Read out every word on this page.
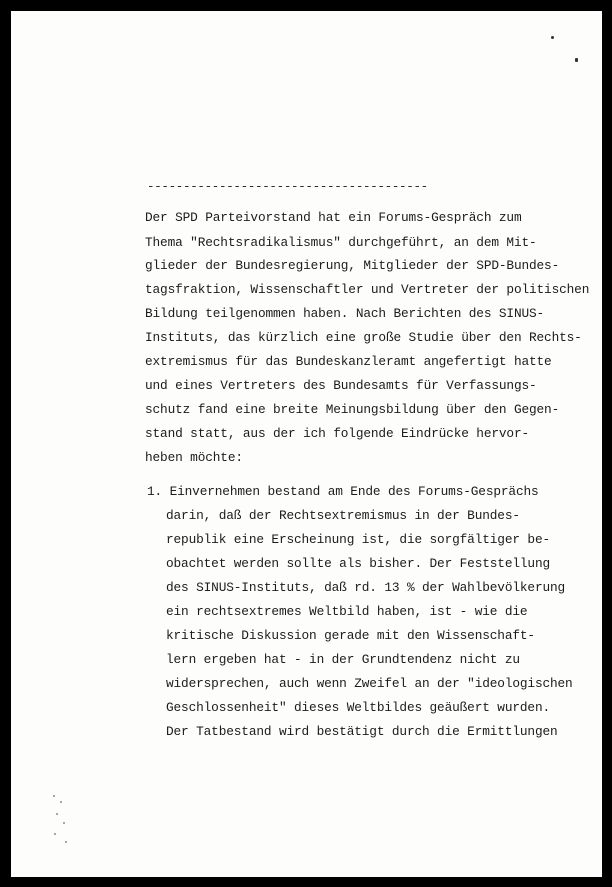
---------------------------------------
Der SPD Parteivorstand hat ein Forums-Gespräch zum
Thema "Rechtsradikalismus" durchgeführt, an dem Mit-
glieder der Bundesregierung, Mitglieder der SPD-Bundes-
tagsfraktion, Wissenschaftler und Vertreter der politischen
Bildung teilgenommen haben. Nach Berichten des SINUS-
Instituts, das kürzlich eine große Studie über den Rechts-
extremismus für das Bundeskanzleramt angefertigt hatte
und eines Vertreters des Bundesamts für Verfassungs-
schutz fand eine breite Meinungsbildung über den Gegen-
stand statt, aus der ich folgende Eindrücke hervor-
heben möchte:
1. Einvernehmen bestand am Ende des Forums-Gesprächs
darin, daß der Rechtsextremismus in der Bundes-
republik eine Erscheinung ist, die sorgfältiger be-
obachtet werden sollte als bisher. Der Feststellung
des SINUS-Instituts, daß rd. 13 % der Wahlbevölkerung
ein rechtsextremes Weltbild haben, ist - wie die
kritische Diskussion gerade mit den Wissenschaft-
lern ergeben hat - in der Grundtendenz nicht zu
widersprechen, auch wenn Zweifel an der "ideologischen
Geschlossenheit" dieses Weltbildes geäußert wurden.
Der Tatbestand wird bestätigt durch die Ermittlungen
